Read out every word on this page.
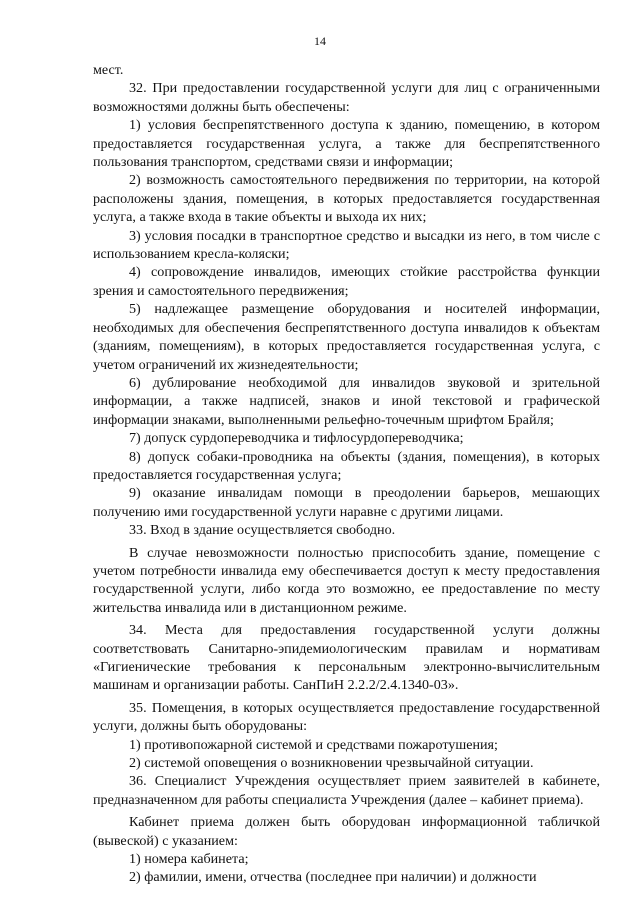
14

мест.

32. При предоставлении государственной услуги для лиц с ограниченными возможностями должны быть обеспечены:

1) условия беспрепятственного доступа к зданию, помещению, в котором предоставляется государственная услуга, а также для беспрепятственного пользования транспортом, средствами связи и информации;

2) возможность самостоятельного передвижения по территории, на которой расположены здания, помещения, в которых предоставляется государственная услуга, а также входа в такие объекты и выхода их них;

3) условия посадки в транспортное средство и высадки из него, в том числе с использованием кресла-коляски;

4) сопровождение инвалидов, имеющих стойкие расстройства функции зрения и самостоятельного передвижения;

5) надлежащее размещение оборудования и носителей информации, необходимых для обеспечения беспрепятственного доступа инвалидов к объектам (зданиям, помещениям), в которых предоставляется государственная услуга, с учетом ограничений их жизнедеятельности;

6) дублирование необходимой для инвалидов звуковой и зрительной информации, а также надписей, знаков и иной текстовой и графической информации знаками, выполненными рельефно-точечным шрифтом Брайля;

7) допуск сурдопереводчика и тифлосурдопереводчика;

8) допуск собаки-проводника на объекты (здания, помещения), в которых предоставляется государственная услуга;

9) оказание инвалидам помощи в преодолении барьеров, мешающих получению ими государственной услуги наравне с другими лицами.

33. Вход в здание осуществляется свободно.

В случае невозможности полностью приспособить здание, помещение с учетом потребности инвалида ему обеспечивается доступ к месту предоставления государственной услуги, либо когда это возможно, ее предоставление по месту жительства инвалида или в дистанционном режиме.

34. Места для предоставления государственной услуги должны соответствовать Санитарно-эпидемиологическим правилам и нормативам «Гигиенические требования к персональным электронно-вычислительным машинам и организации работы. СанПиН 2.2.2/2.4.1340-03».

35. Помещения, в которых осуществляется предоставление государственной услуги, должны быть оборудованы:

1) противопожарной системой и средствами пожаротушения;

2) системой оповещения о возникновении чрезвычайной ситуации.

36. Специалист Учреждения осуществляет прием заявителей в кабинете, предназначенном для работы специалиста Учреждения (далее – кабинет приема).

Кабинет приема должен быть оборудован информационной табличкой (вывеской) с указанием:

1) номера кабинета;

2) фамилии, имени, отчества (последнее при наличии) и должности
